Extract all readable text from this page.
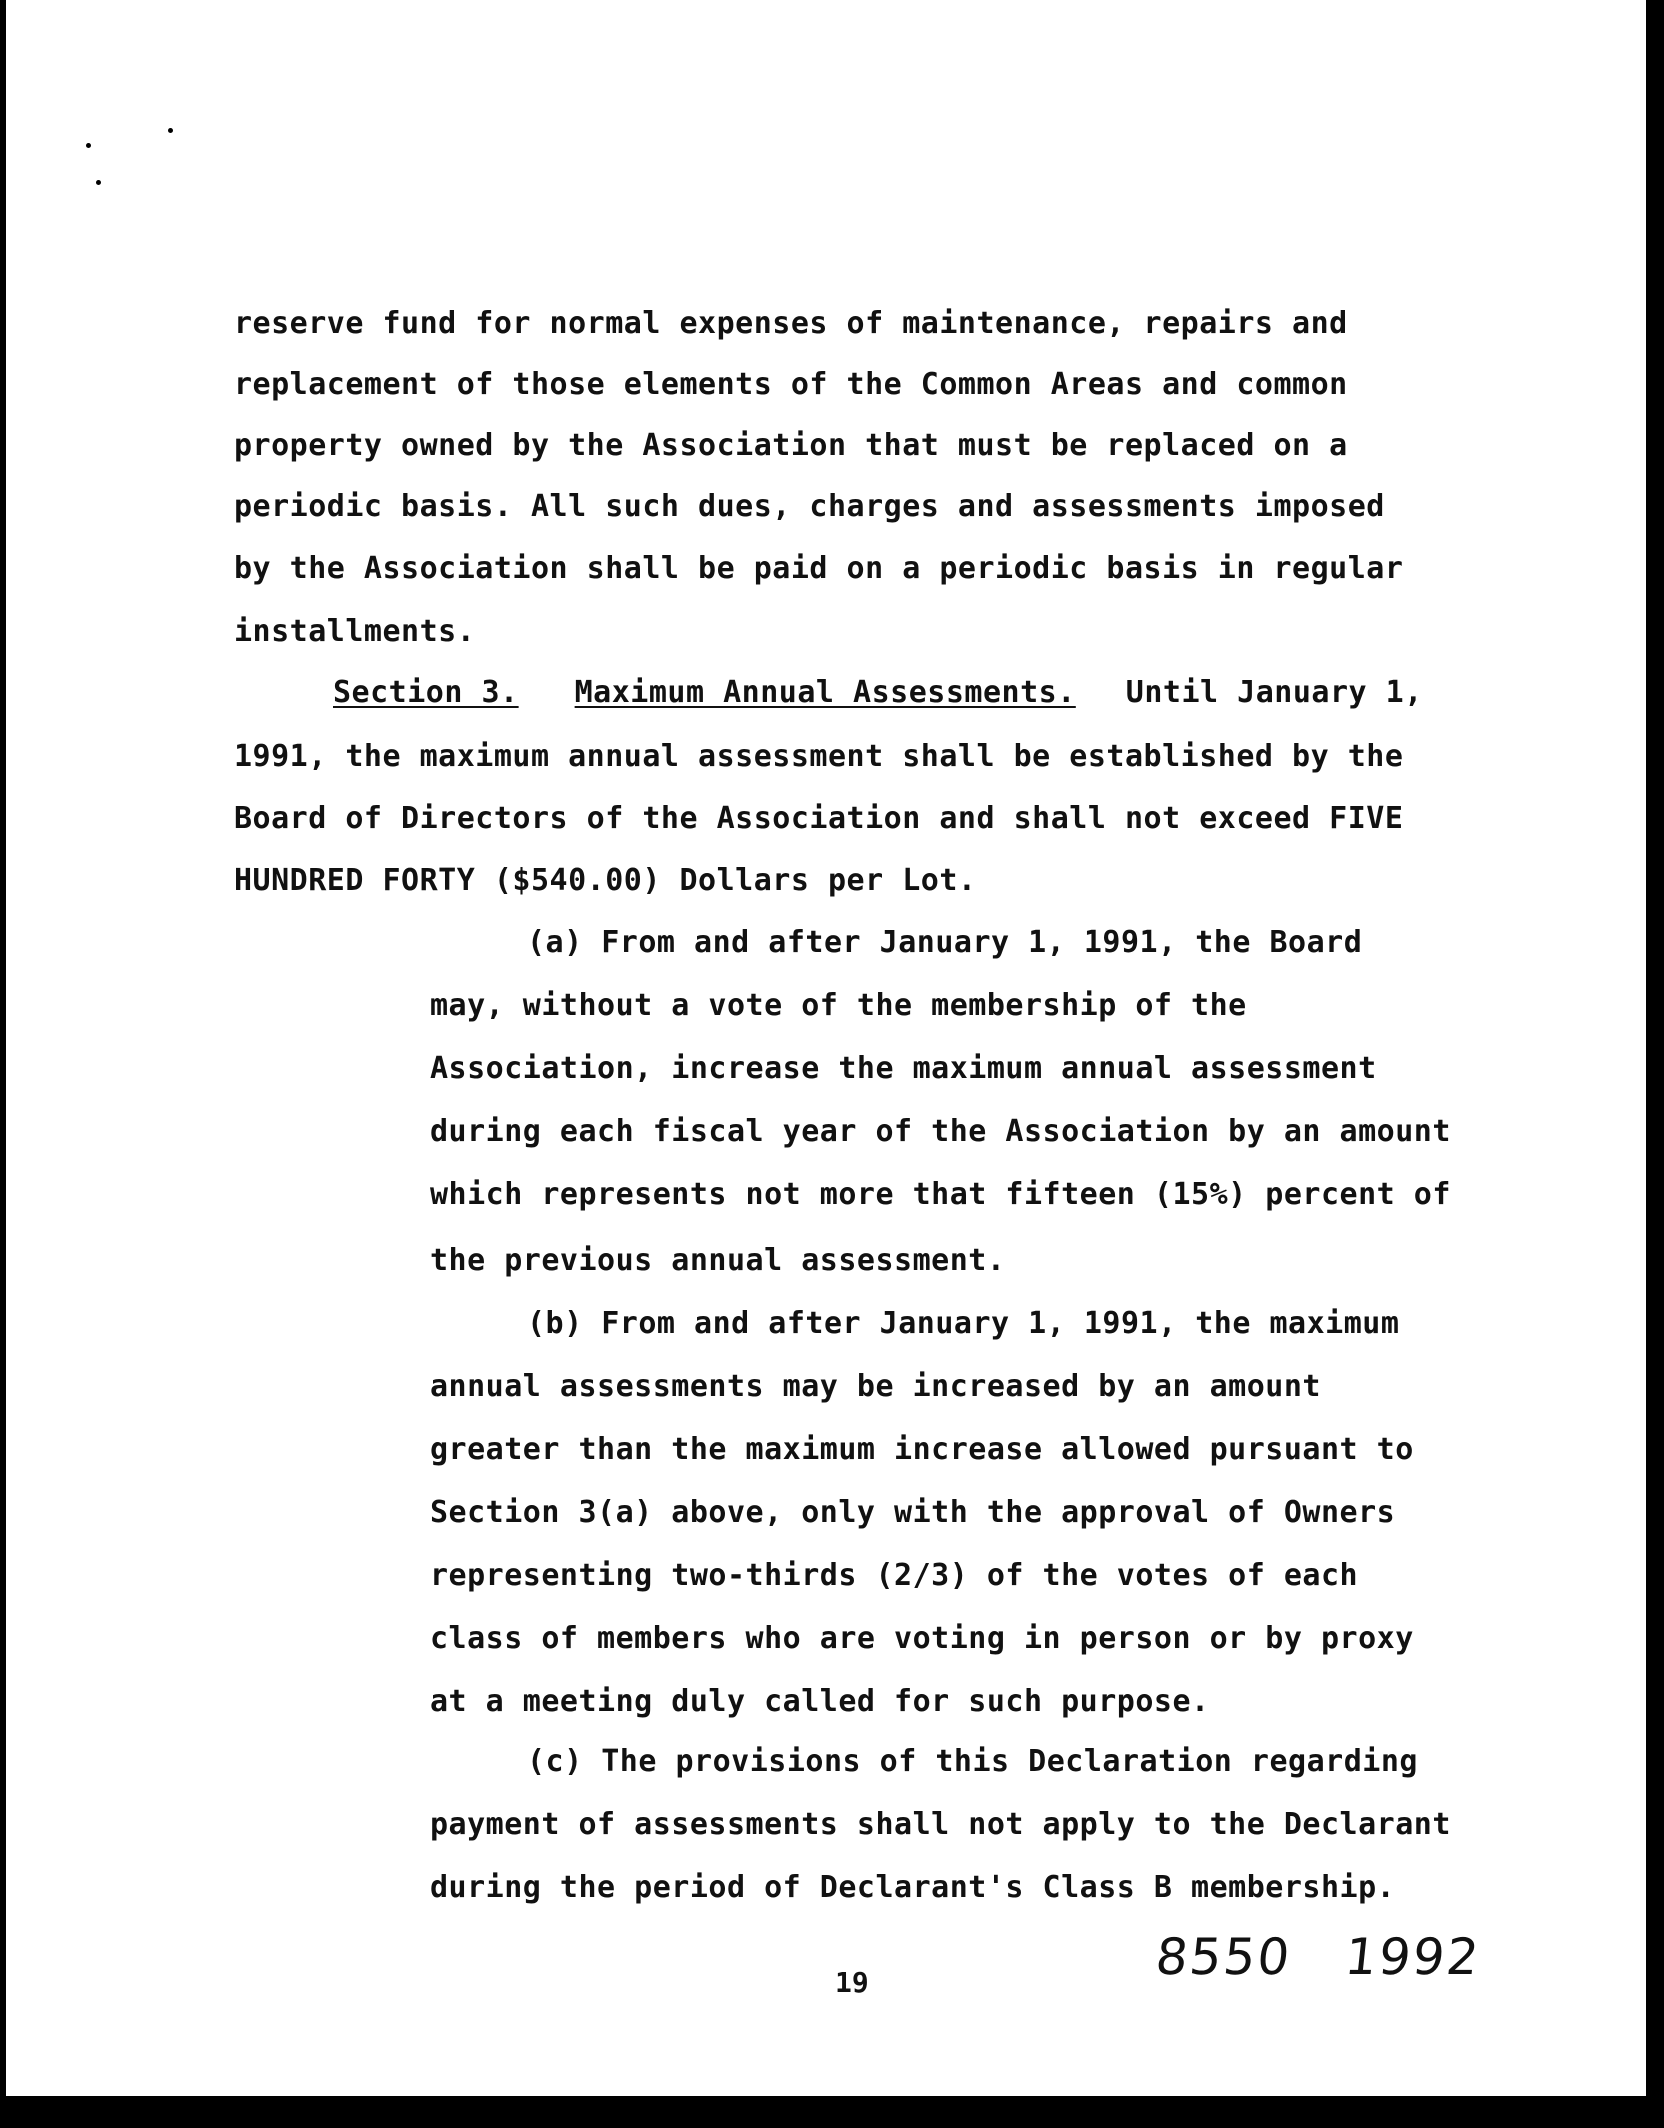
reserve fund for normal expenses of maintenance, repairs and
replacement of those elements of the Common Areas and common
property owned by the Association that must be replaced on a
periodic basis. All such dues, charges and assessments imposed
by the Association shall be paid on a periodic basis in regular
installments.
Section 3. Maximum Annual Assessments. Until January 1,
1991, the maximum annual assessment shall be established by the
Board of Directors of the Association and shall not exceed FIVE
HUNDRED FORTY ($540.00) Dollars per Lot.
(a) From and after January 1, 1991, the Board
may, without a vote of the membership of the
Association, increase the maximum annual assessment
during each fiscal year of the Association by an amount
which represents not more that fifteen (15%) percent of
the previous annual assessment.
(b) From and after January 1, 1991, the maximum
annual assessments may be increased by an amount
greater than the maximum increase allowed pursuant to
Section 3(a) above, only with the approval of Owners
representing two-thirds (2/3) of the votes of each
class of members who are voting in person or by proxy
at a meeting duly called for such purpose.
(c) The provisions of this Declaration regarding
payment of assessments shall not apply to the Declarant
during the period of Declarant's Class B membership.
19	8550 1992
